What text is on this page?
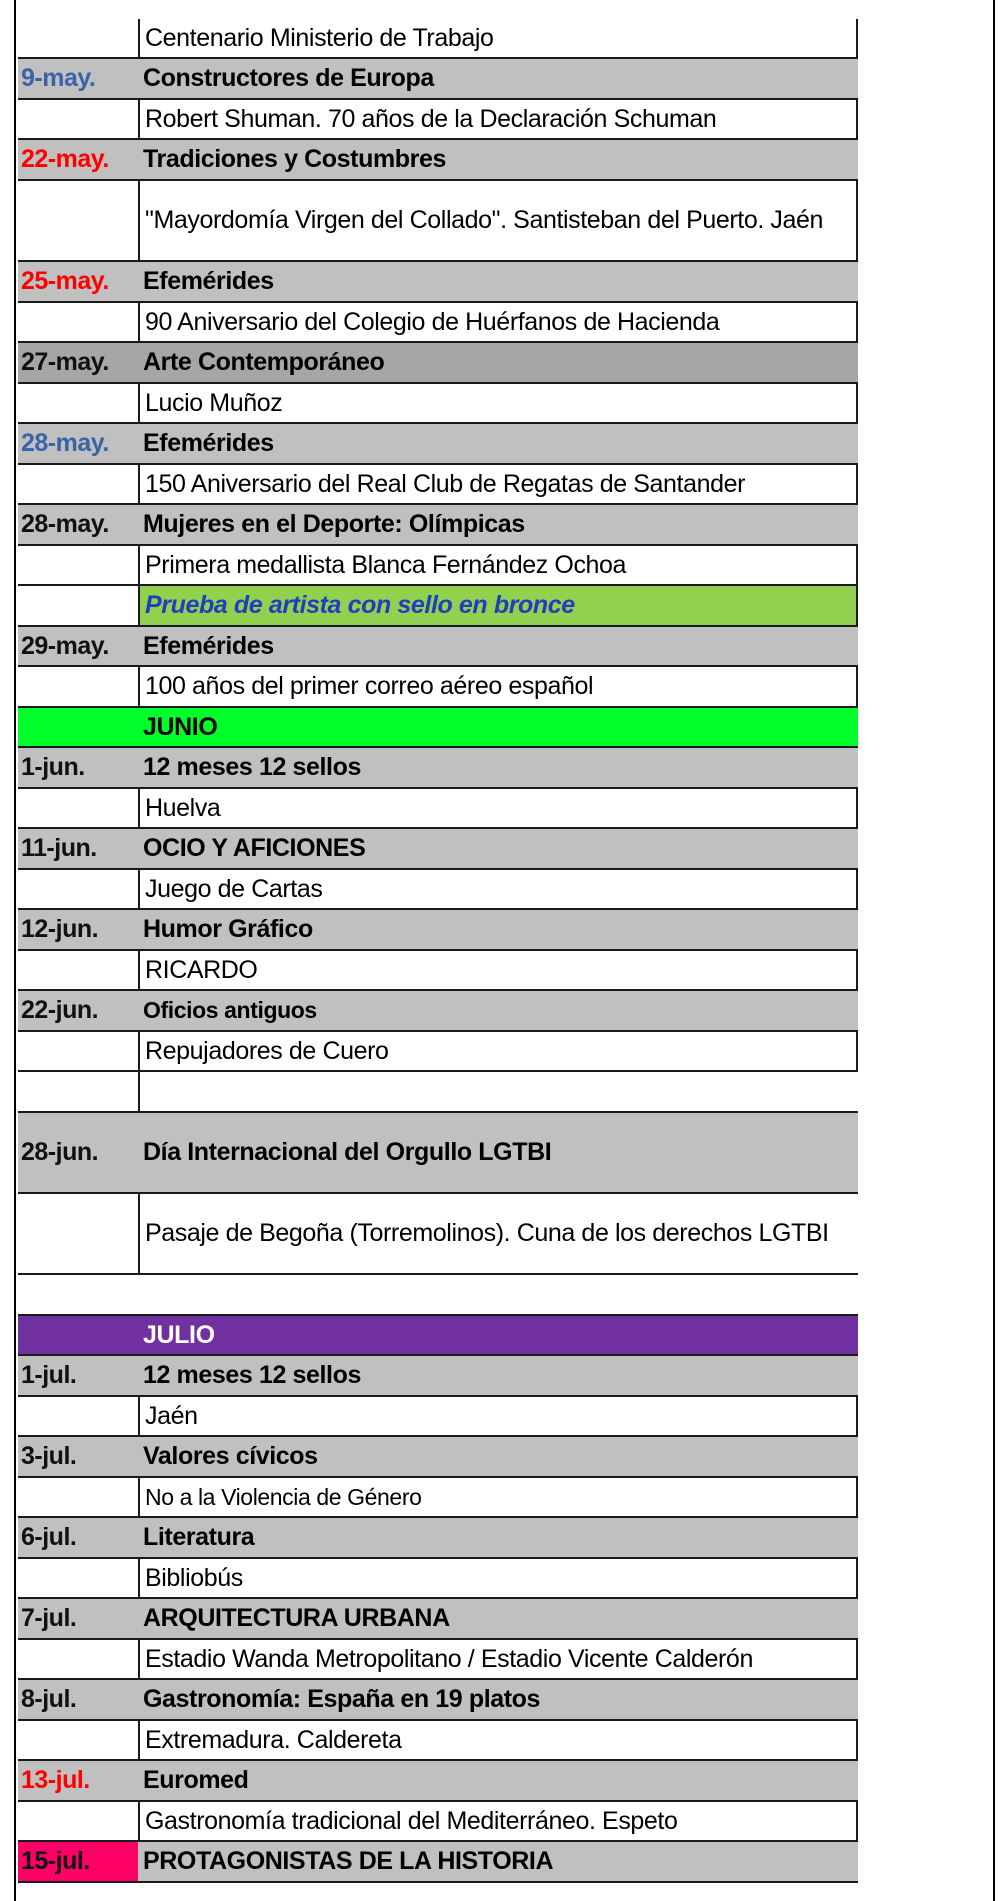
Centenario Ministerio de Trabajo
9-may.	Constructores de Europa
Robert Shuman. 70 años de la Declaración Schuman
22-may.	Tradiciones y Costumbres
"Mayordomía Virgen del Collado". Santisteban del Puerto. Jaén
25-may.	Efemérides
90 Aniversario del Colegio de Huérfanos de Hacienda
27-may.	Arte Contemporáneo
Lucio Muñoz
28-may.	Efemérides
150 Aniversario del Real Club de Regatas de Santander
28-may.	Mujeres en el Deporte: Olímpicas
Primera medallista Blanca Fernández Ochoa
Prueba de artista con sello en bronce
29-may.	Efemérides
100 años del primer correo aéreo español
JUNIO
1-jun.	12 meses 12 sellos
Huelva
11-jun.	OCIO Y AFICIONES
Juego de Cartas
12-jun.	Humor Gráfico
RICARDO
22-jun.	Oficios antiguos
Repujadores de Cuero
28-jun.	Día Internacional del Orgullo LGTBI
Pasaje de Begoña (Torremolinos). Cuna de los derechos LGTBI
JULIO
1-jul.	12 meses 12 sellos
Jaén
3-jul.	Valores cívicos
No a la Violencia de Género
6-jul.	Literatura
Bibliobús
7-jul.	ARQUITECTURA URBANA
Estadio Wanda Metropolitano / Estadio Vicente Calderón
8-jul.	Gastronomía: España en 19 platos
Extremadura. Caldereta
13-jul.	Euromed
Gastronomía tradicional del Mediterráneo. Espeto
15-jul.	PROTAGONISTAS DE LA HISTORIA
